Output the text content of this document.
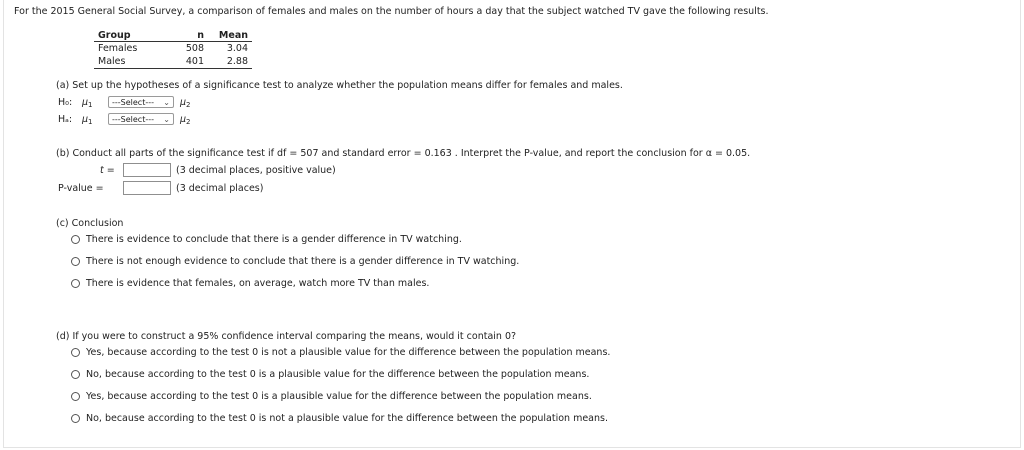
For the 2015 General Social Survey, a comparison of females and males on the number of hours a day that the subject watched TV gave the following results.
Group	n	Mean
Females	508	3.04
Males	401	2.88
(a) Set up the hypotheses of a significance test to analyze whether the population means differ for females and males.
H₀: $\mu_1$	---Select--- ⌄ $\mu_2$
Hₐ: $\mu_1$	---Select--- ⌄ $\mu_2$
(b) Conduct all parts of the significance test if df = 507 and standard error = 0.163 . Interpret the P-value, and report the conclusion for α = 0.05.
t =	(3 decimal places, positive value)
P-value =	(3 decimal places)
(c) Conclusion
There is evidence to conclude that there is a gender difference in TV watching.
There is not enough evidence to conclude that there is a gender difference in TV watching.
There is evidence that females, on average, watch more TV than males.
(d) If you were to construct a 95% confidence interval comparing the means, would it contain 0?
Yes, because according to the test 0 is not a plausible value for the difference between the population means.
No, because according to the test 0 is a plausible value for the difference between the population means.
Yes, because according to the test 0 is a plausible value for the difference between the population means.
No, because according to the test 0 is not a plausible value for the difference between the population means.
